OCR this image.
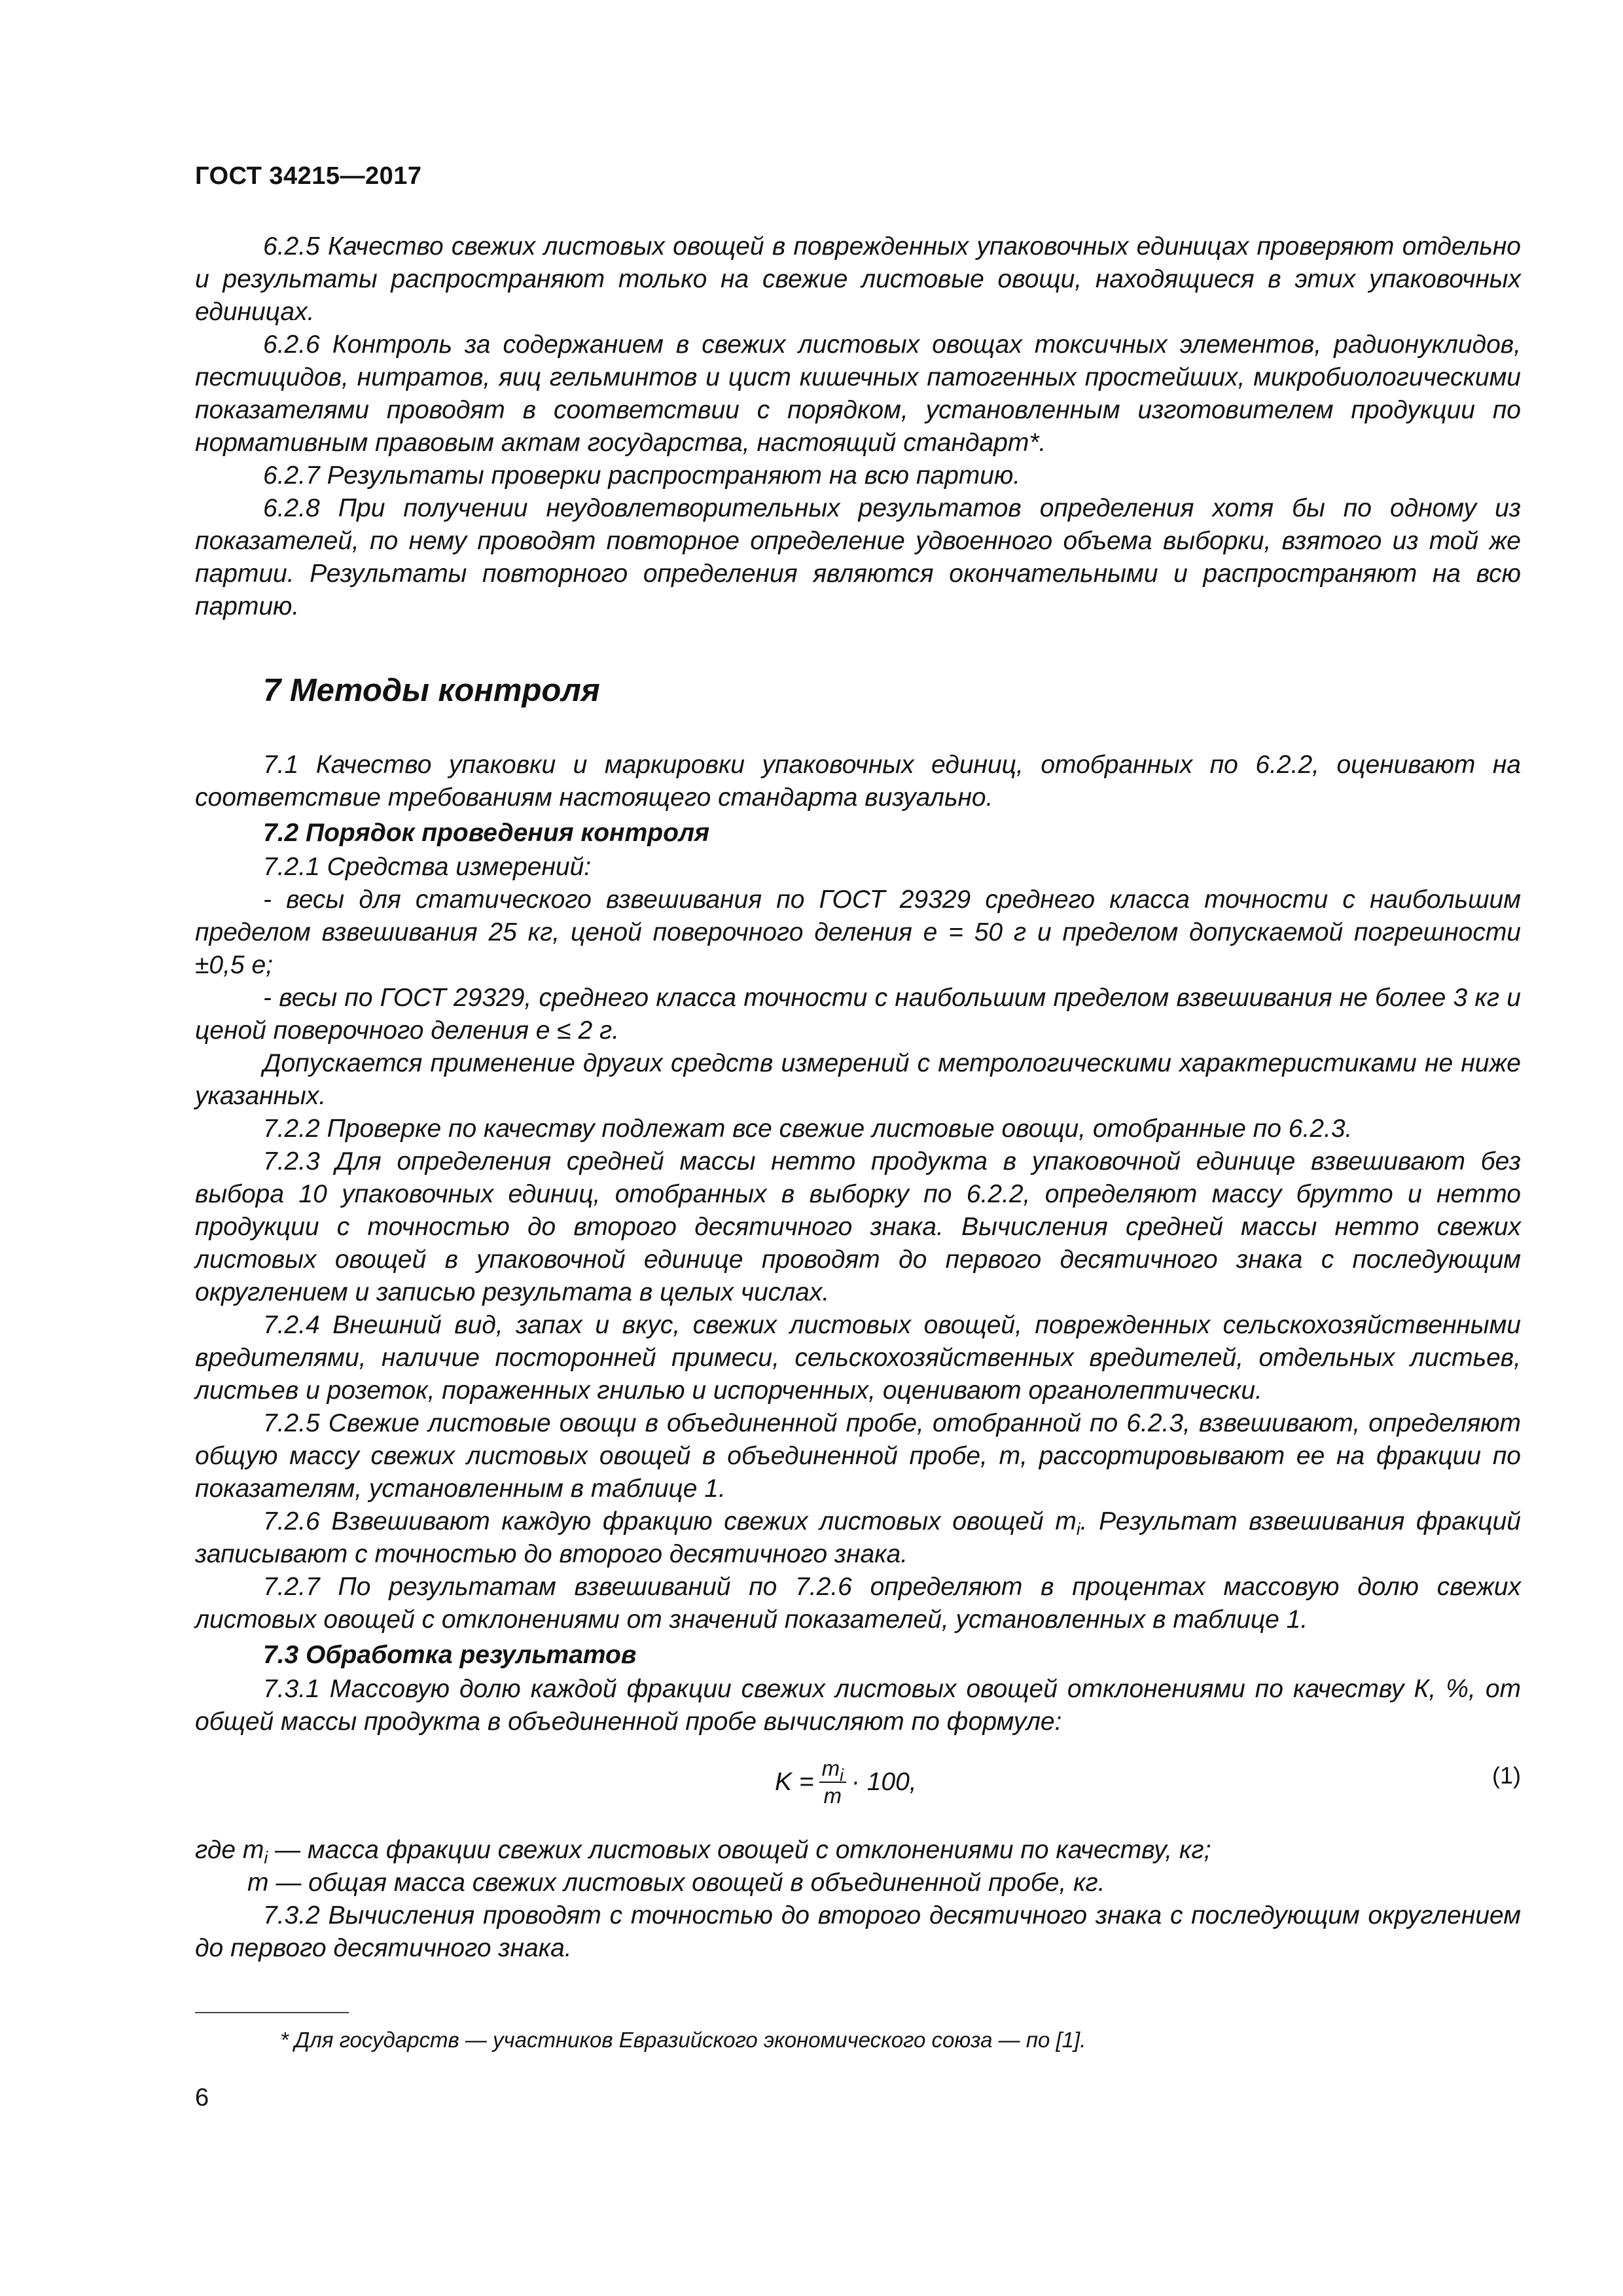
ГОСТ 34215—2017

6.2.5 Качество свежих листовых овощей в поврежденных упаковочных единицах проверяют отдельно и результаты распространяют только на свежие листовые овощи, находящиеся в этих упаковочных единицах.

6.2.6 Контроль за содержанием в свежих листовых овощах токсичных элементов, радионуклидов, пестицидов, нитратов, яиц гельминтов и цист кишечных патогенных простейших, микробиологическими показателями проводят в соответствии с порядком, установленным изготовителем продукции по нормативным правовым актам государства, настоящий стандарт*.

6.2.7 Результаты проверки распространяют на всю партию.

6.2.8 При получении неудовлетворительных результатов определения хотя бы по одному из показателей, по нему проводят повторное определение удвоенного объема выборки, взятого из той же партии. Результаты повторного определения являются окончательными и распространяют на всю партию.

7 Методы контроля

7.1 Качество упаковки и маркировки упаковочных единиц, отобранных по 6.2.2, оценивают на соответствие требованиям настоящего стандарта визуально.

7.2 Порядок проведения контроля

7.2.1 Средства измерений:

- весы для статического взвешивания по ГОСТ 29329 среднего класса точности с наибольшим пределом взвешивания 25 кг, ценой поверочного деления е = 50 г и пределом допускаемой погрешности ±0,5 е;

- весы по ГОСТ 29329, среднего класса точности с наибольшим пределом взвешивания не более 3 кг и ценой поверочного деления е ≤ 2 г.

Допускается применение других средств измерений с метрологическими характеристиками не ниже указанных.

7.2.2 Проверке по качеству подлежат все свежие листовые овощи, отобранные по 6.2.3.

7.2.3 Для определения средней массы нетто продукта в упаковочной единице взвешивают без выбора 10 упаковочных единиц, отобранных в выборку по 6.2.2, определяют массу брутто и нетто продукции с точностью до второго десятичного знака. Вычисления средней массы нетто свежих листовых овощей в упаковочной единице проводят до первого десятичного знака с последующим округлением и записью результата в целых числах.

7.2.4 Внешний вид, запах и вкус, свежих листовых овощей, поврежденных сельскохозяйственными вредителями, наличие посторонней примеси, сельскохозяйственных вредителей, отдельных листьев, листьев и розеток, пораженных гнилью и испорченных, оценивают органолептически.

7.2.5 Свежие листовые овощи в объединенной пробе, отобранной по 6.2.3, взвешивают, определяют общую массу свежих листовых овощей в объединенной пробе, m, рассортировывают ее на фракции по показателям, установленным в таблице 1.

7.2.6 Взвешивают каждую фракцию свежих листовых овощей $m_i$. Результат взвешивания фракций записывают с точностью до второго десятичного знака.

7.2.7 По результатам взвешиваний по 7.2.6 определяют в процентах массовую долю свежих листовых овощей с отклонениями от значений показателей, установленных в таблице 1.

7.3 Обработка результатов

7.3.1 Массовую долю каждой фракции свежих листовых овощей отклонениями по качеству К, %, от общей массы продукта в объединенной пробе вычисляют по формуле:

$K = \frac{m_i}{m} \cdot 100$,	(1)

где $m_i$ — масса фракции свежих листовых овощей с отклонениями по качеству, кг;

m — общая масса свежих листовых овощей в объединенной пробе, кг.

7.3.2 Вычисления проводят с точностью до второго десятичного знака с последующим округлением до первого десятичного знака.

* Для государств — участников Евразийского экономического союза — по [1].
6
